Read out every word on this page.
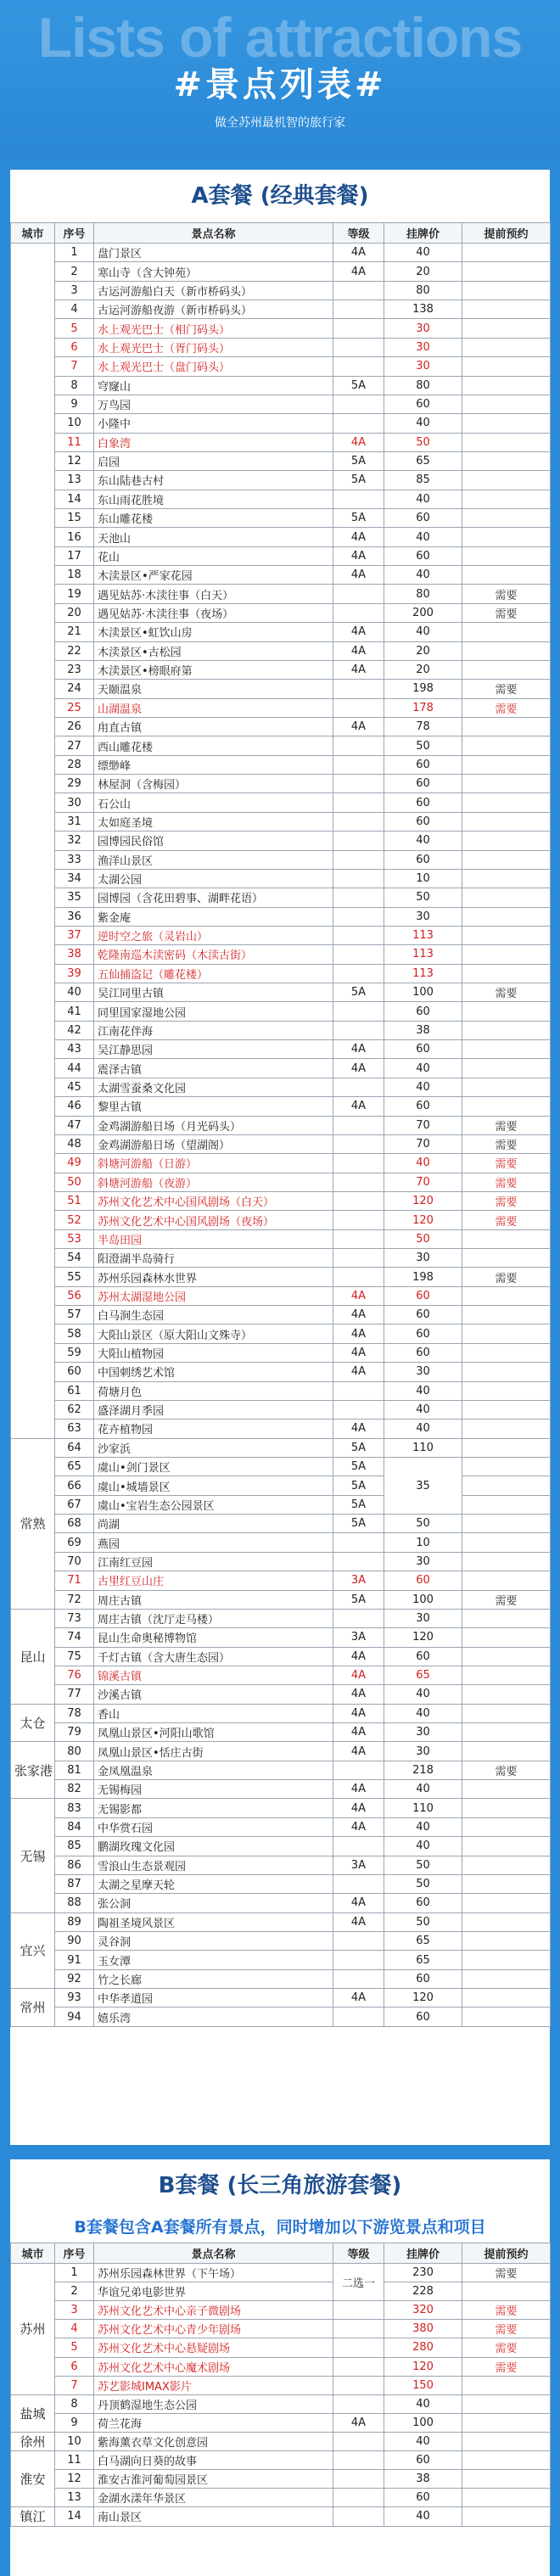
Lists of attractions
#景点列表#
做全苏州最机智的旅行家
A套餐 (经典套餐)
城市	序号	景点名称	等级	挂牌价	提前预约
	1	盘门景区	4A	40	
	2	寒山寺（含大钟苑）	4A	20	
	3	古运河游船白天（新市桥码头）		80	
	4	古运河游船夜游（新市桥码头）		138	
	5	水上观光巴士（相门码头）		30	
	6	水上观光巴士（胥门码头）		30	
	7	水上观光巴士（盘门码头）		30	
	8	穹窿山	5A	80	
	9	万鸟园		60	
	10	小隆中		40	
	11	白象湾	4A	50	
	12	启园	5A	65	
	13	东山陆巷古村	5A	85	
	14	东山雨花胜境		40	
	15	东山雕花楼	5A	60	
	16	天池山	4A	40	
	17	花山	4A	60	
	18	木渎景区•严家花园	4A	40	
	19	遇见姑苏·木渎往事（白天）		80	需要
	20	遇见姑苏·木渎往事（夜场）		200	需要
	21	木渎景区•虹饮山房	4A	40	
	22	木渎景区•古松园	4A	20	
	23	木渎景区•榜眼府第	4A	20	
	24	天颐温泉		198	需要
	25	山湖温泉		178	需要
	26	甪直古镇	4A	78	
	27	西山雕花楼		50	
	28	缥缈峰		60	
	29	林屋洞（含梅园）		60	
	30	石公山		60	
	31	太如庭圣境		60	
	32	园博园民俗馆		40	
	33	渔洋山景区		60	
	34	太湖公园		10	
	35	园博园（含花田碧事、湖畔花语）		50	
	36	紫金庵		30	
	37	逆时空之旅（灵岩山）		113	
	38	乾隆南巡木渎密码（木渎古街）		113	
	39	五仙捕盗记（雕花楼）		113	
	40	吴江同里古镇	5A	100	需要
	41	同里国家湿地公园		60	
	42	江南花伴海		38	
	43	吴江静思园	4A	60	
	44	震泽古镇	4A	40	
	45	太湖雪蚕桑文化园		40	
	46	黎里古镇	4A	60	
	47	金鸡湖游船日场（月光码头）		70	需要
	48	金鸡湖游船日场（望湖阁）		70	需要
	49	斜塘河游船（日游）		40	需要
	50	斜塘河游船（夜游）		70	需要
	51	苏州文化艺术中心国风剧场（白天）		120	需要
	52	苏州文化艺术中心国风剧场（夜场）		120	需要
	53	半岛田园		50	
	54	阳澄湖半岛骑行		30	
	55	苏州乐园森林水世界		198	需要
	56	苏州太湖湿地公园	4A	60	
	57	白马涧生态园	4A	60	
	58	大阳山景区（原大阳山文殊寺）	4A	60	
	59	大阳山植物园	4A	60	
	60	中国刺绣艺术馆	4A	30	
	61	荷塘月色		40	
	62	盛泽湖月季园		40	
	63	花卉植物园	4A	40	
常熟	64	沙家浜	5A	110	
	65	虞山•剑门景区	5A	35	
	66	虞山•城墙景区	5A		
	67	虞山•宝岩生态公园景区	5A		
	68	尚湖	5A	50	
	69	燕园		10	
	70	江南红豆园		30	
	71	古里红豆山庄	3A	60	
	72	周庄古镇	5A	100	需要
昆山	73	周庄古镇（沈厅走马楼）		30	
	74	昆山生命奥秘博物馆	3A	120	
	75	千灯古镇（含大唐生态园）	4A	60	
	76	锦溪古镇	4A	65	
	77	沙溪古镇	4A	40	
太仓	78	香山	4A	40	
	79	凤凰山景区•河阳山歌馆	4A	30	
张家港	80	凤凰山景区•恬庄古街	4A	30	
	81	金凤凰温泉		218	需要
	82	无锡梅园	4A	40	
无锡	83	无锡影都	4A	110	
	84	中华赏石园	4A	40	
	85	鹏湖玫瑰文化园		40	
	86	雪浪山生态景观园	3A	50	
	87	太湖之星摩天轮		50	
	88	张公洞	4A	60	
宜兴	89	陶祖圣境风景区	4A	50	
	90	灵谷洞		65	
	91	玉女潭		65	
	92	竹之长廊		60	
常州	93	中华孝道园	4A	120	
	94	嬉乐湾		60	
B套餐 (长三角旅游套餐)
B套餐包含A套餐所有景点，同时增加以下游览景点和项目
城市	序号	景点名称	等级	挂牌价	提前预约
苏州	1	苏州乐园森林世界（下午场）	二选一	230	需要
	2	华谊兄弟电影世界		228	
	3	苏州文化艺术中心亲子微剧场		320	需要
	4	苏州文化艺术中心青少年剧场		380	需要
	5	苏州文化艺术中心悬疑剧场		280	需要
	6	苏州文化艺术中心魔术剧场		120	需要
	7	苏艺影城IMAX影片		150	
盐城	8	丹顶鹤湿地生态公园		40	
	9	荷兰花海	4A	100	
徐州	10	紫海薰衣草文化创意园		40	
淮安	11	白马湖向日葵的故事		60	
	12	淮安古淮河葡萄园景区		38	
	13	金湖水漾年华景区		60	
镇江	14	南山景区		40	
